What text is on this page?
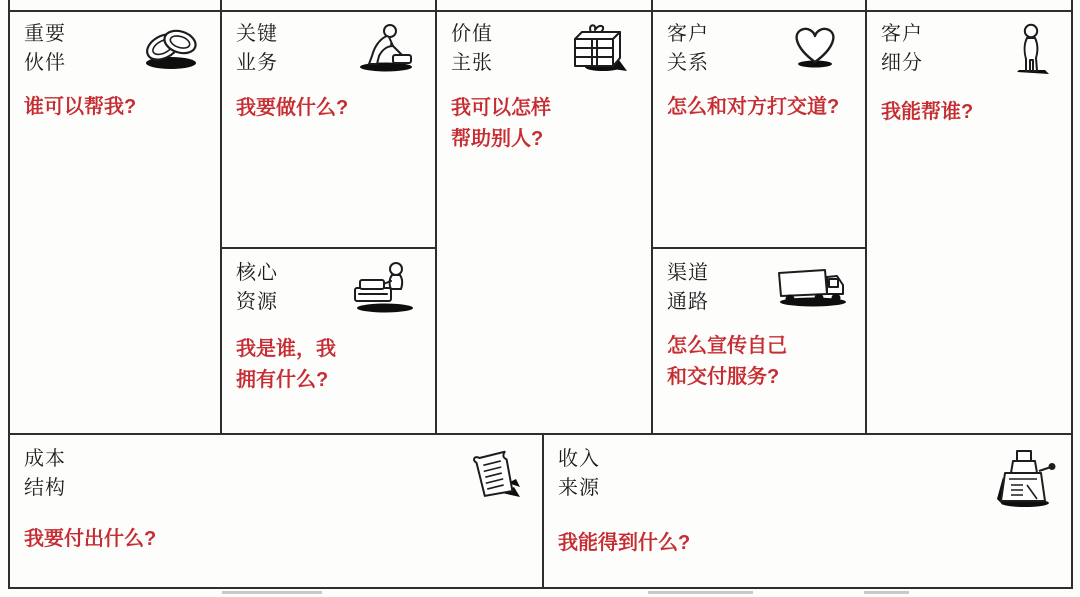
重要
伙伴

谁可以帮我?

关键
业务

我要做什么?

核心
资源

我是谁，我
拥有什么?

价值
主张

我可以怎样
帮助别人?

客户
关系

怎么和对方打交道?

渠道
通路

怎么宣传自己
和交付服务?

客户
细分

我能帮谁?

成本
结构

我要付出什么?

收入
来源

我能得到什么?
